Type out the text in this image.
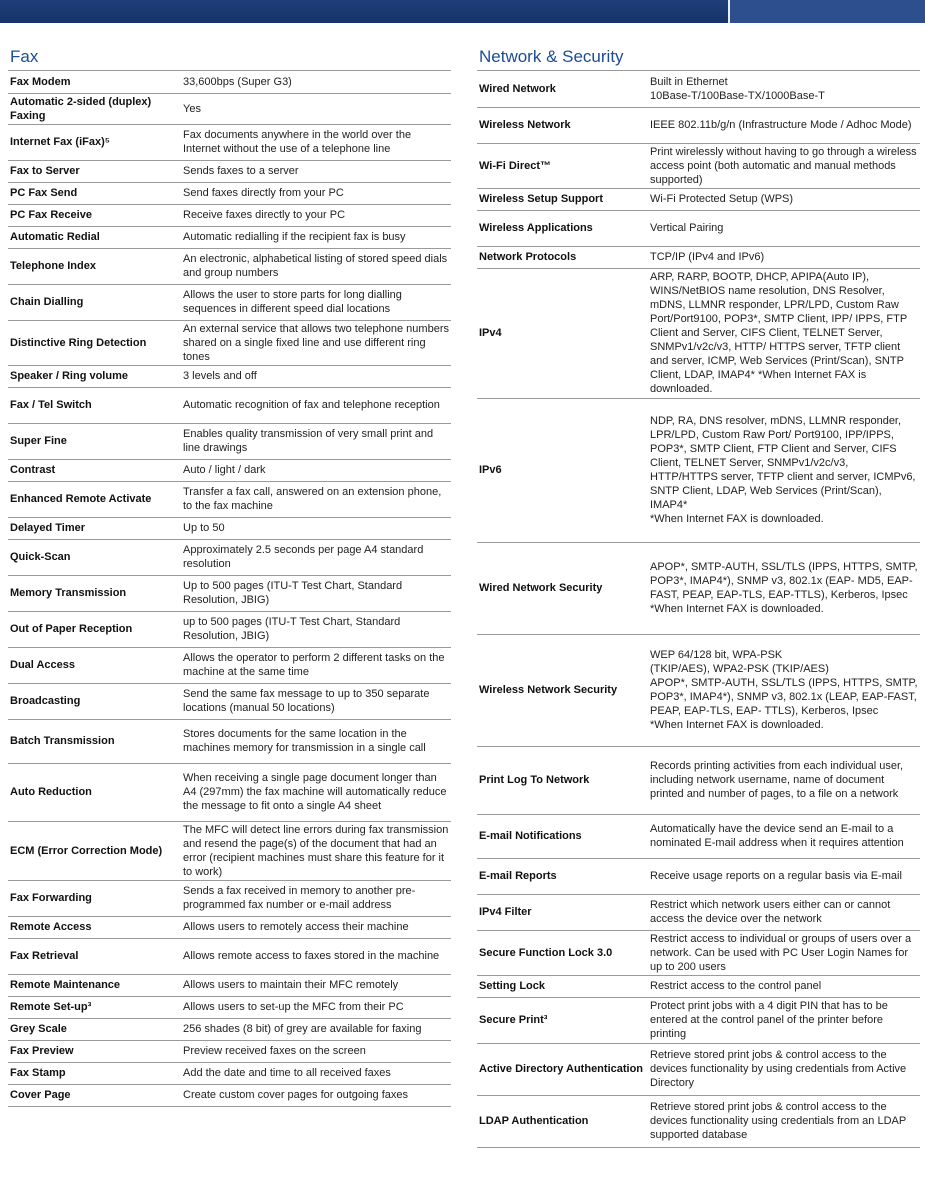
Fax
Fax Modem	33,600bps (Super G3)
Automatic 2-sided (duplex) Faxing	Yes
Internet Fax (iFax)⁵	Fax documents anywhere in the world over the Internet without the use of a telephone line
Fax to Server	Sends faxes to a server
PC Fax Send	Send faxes directly from your PC
PC Fax Receive	Receive faxes directly to your PC
Automatic Redial	Automatic redialling if the recipient fax is busy
Telephone Index	An electronic, alphabetical listing of stored speed dials and group numbers
Chain Dialling	Allows the user to store parts for long dialling sequences in different speed dial locations
Distinctive Ring Detection	An external service that allows two telephone numbers shared on a single fixed line and use different ring tones
Speaker / Ring volume	3 levels and off
Fax / Tel Switch	Automatic recognition of fax and telephone reception
Super Fine	Enables quality transmission of very small print and line drawings
Contrast	Auto / light / dark
Enhanced Remote Activate	Transfer a fax call, answered on an extension phone, to the fax machine
Delayed Timer	Up to 50
Quick-Scan	Approximately 2.5 seconds per page A4 standard resolution
Memory Transmission	Up to 500 pages (ITU-T Test Chart, Standard Resolution, JBIG)
Out of Paper Reception	up to 500 pages (ITU-T Test Chart, Standard Resolution, JBIG)
Dual Access	Allows the operator to perform 2 different tasks on the machine at the same time
Broadcasting	Send the same fax message to up to 350 separate locations (manual 50 locations)
Batch Transmission	Stores documents for the same location in the machines memory for transmission in a single call
Auto Reduction	When receiving a single page document longer than A4 (297mm) the fax machine will automatically reduce the message to fit onto a single A4 sheet
ECM (Error Correction Mode)	The MFC will detect line errors during fax transmission and resend the page(s) of the document that had an error (recipient machines must share this feature for it to work)
Fax Forwarding	Sends a fax received in memory to another pre-programmed fax number or e-mail address
Remote Access	Allows users to remotely access their machine
Fax Retrieval	Allows remote access to faxes stored in the machine
Remote Maintenance	Allows users to maintain their MFC remotely
Remote Set-up³	Allows users to set-up the MFC from their PC
Grey Scale	256 shades (8 bit) of grey are available for faxing
Fax Preview	Preview received faxes on the screen
Fax Stamp	Add the date and time to all received faxes
Cover Page	Create custom cover pages for outgoing faxes
Network & Security
Wired Network	Built in Ethernet
10Base-T/100Base-TX/1000Base-T
Wireless Network	IEEE 802.11b/g/n (Infrastructure Mode / Adhoc Mode)
Wi-Fi Direct™	Print wirelessly without having to go through a wireless access point (both automatic and manual methods supported)
Wireless Setup Support	Wi-Fi Protected Setup (WPS)
Wireless Applications	Vertical Pairing
Network Protocols	TCP/IP (IPv4 and IPv6)
IPv4	ARP, RARP, BOOTP, DHCP, APIPA(Auto IP), WINS/NetBIOS name resolution, DNS Resolver, mDNS, LLMNR responder, LPR/LPD, Custom Raw Port/Port9100, POP3*, SMTP Client, IPP/ IPPS, FTP Client and Server, CIFS Client, TELNET Server, SNMPv1/v2c/v3, HTTP/ HTTPS server, TFTP client and server, ICMP, Web Services (Print/Scan), SNTP Client, LDAP, IMAP4* *When Internet FAX is downloaded.
IPv6	NDP, RA, DNS resolver, mDNS, LLMNR responder, LPR/LPD, Custom Raw Port/ Port9100, IPP/IPPS, POP3*, SMTP Client, FTP Client and Server, CIFS Client, TELNET Server, SNMPv1/v2c/v3, HTTP/HTTPS server, TFTP client and server, ICMPv6, SNTP Client, LDAP, Web Services (Print/Scan), IMAP4*
*When Internet FAX is downloaded.
Wired Network Security	APOP*, SMTP-AUTH, SSL/TLS (IPPS, HTTPS, SMTP, POP3*, IMAP4*), SNMP v3, 802.1x (EAP- MD5, EAP-FAST, PEAP, EAP-TLS, EAP-TTLS), Kerberos, Ipsec
*When Internet FAX is downloaded.
Wireless Network Security	WEP 64/128 bit, WPA-PSK
(TKIP/AES), WPA2-PSK (TKIP/AES)
APOP*, SMTP-AUTH, SSL/TLS (IPPS, HTTPS, SMTP, POP3*, IMAP4*), SNMP v3, 802.1x (LEAP, EAP-FAST, PEAP, EAP-TLS, EAP- TTLS), Kerberos, Ipsec
*When Internet FAX is downloaded.
Print Log To Network	Records printing activities from each individual user, including network username, name of document printed and number of pages, to a file on a network
E-mail Notifications	Automatically have the device send an E-mail to a nominated E-mail address when it requires attention
E-mail Reports	Receive usage reports on a regular basis via E-mail
IPv4 Filter	Restrict which network users either can or cannot access the device over the network
Secure Function Lock 3.0	Restrict access to individual or groups of users over a network. Can be used with PC User Login Names for up to 200 users
Setting Lock	Restrict access to the control panel
Secure Print³	Protect print jobs with a 4 digit PIN that has to be entered at the control panel of the printer before printing
Active Directory Authentication	Retrieve stored print jobs & control access to the devices functionality by using credentials from Active Directory
LDAP Authentication	Retrieve stored print jobs & control access to the devices functionality using credentials from an LDAP supported database
